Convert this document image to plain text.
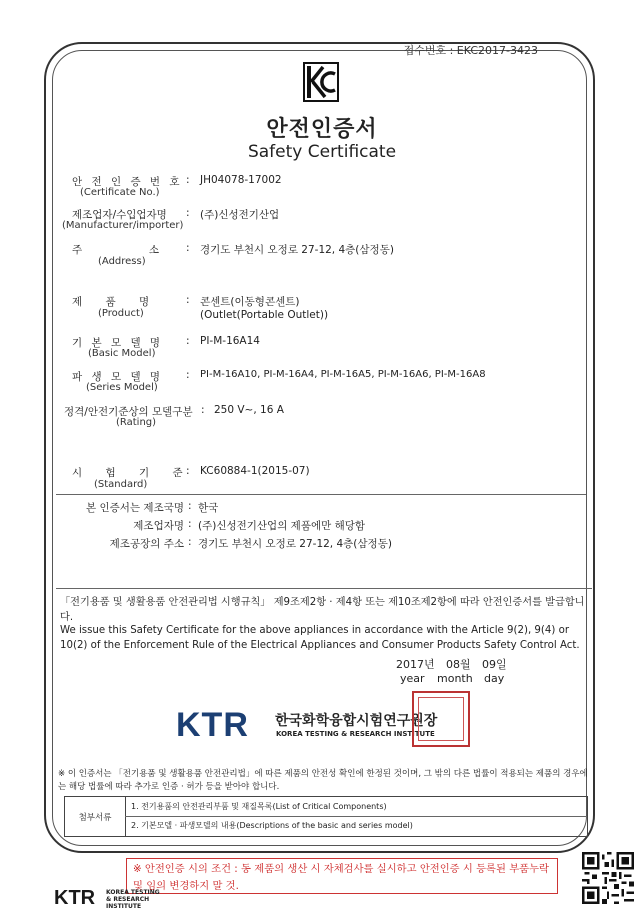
접수번호 : EKC2017-3423
안전인증서
Safety Certificate
안 전 인 증 번 호
(Certificate No.)
: JH04078-17002
제조업자/수입업자명
(Manufacturer/importer)
: (주)신성전기산업
주                    소
(Address)
: 경기도 부천시 오정로 27-12, 4층(삼정동)
제       품       명
(Product)
: 콘센트(이동형콘센트)
(Outlet(Portable Outlet))
기 본 모 델 명
(Basic Model)
: PI-M-16A14
파 생 모 델 명
(Series Model)
: PI-M-16A10, PI-M-16A4, PI-M-16A5, PI-M-16A6, PI-M-16A8
정격/안전기준상의 모델구분
(Rating)
: 250 V~, 16 A
시       험       기       준
(Standard)
: KC60884-1(2015-07)
본 인증서는 제조국명 : 한국
제조업자명 : (주)신성전기산업의 제품에만 해당함
제조공장의 주소 : 경기도 부천시 오정로 27-12, 4층(삼정동)
「전기용품 및 생활용품 안전관리법 시행규칙」 제9조제2항 · 제4항 또는 제10조제2항에 따라 안전인증서를 발급합니다.
We issue this Safety Certificate for the above appliances in accordance with the Article 9(2), 9(4) or 10(2) of the Enforcement Rule of the Electrical Appliances and Consumer Products Safety Control Act.
2017년 08월 09일
year month day
KTR 한국화학융합시험연구원장
KOREA TESTING & RESEARCH INSTITUTE
※ 이 인증서는 「전기용품 및 생활용품 안전관리법」에 따른 제품의 안전성 확인에 한정된 것이며, 그 밖의 다른 법률이 적용되는 제품의 경우에는 해당 법률에 따라 추가로 인증 · 허가 등을 받아야 합니다.
첨부서류
1. 전기용품의 안전관리부품 및 재질목록(List of Critical Components)
2. 기본모델 · 파생모델의 내용(Descriptions of the basic and series model)
※ 안전인증 시의 조건 : 동 제품의 생산 시 자체검사를 실시하고 안전인증 시 등록된 부품누락 및 임의 변경하지 말 것.
KTR KOREA TESTING & RESEARCH INSTITUTE
